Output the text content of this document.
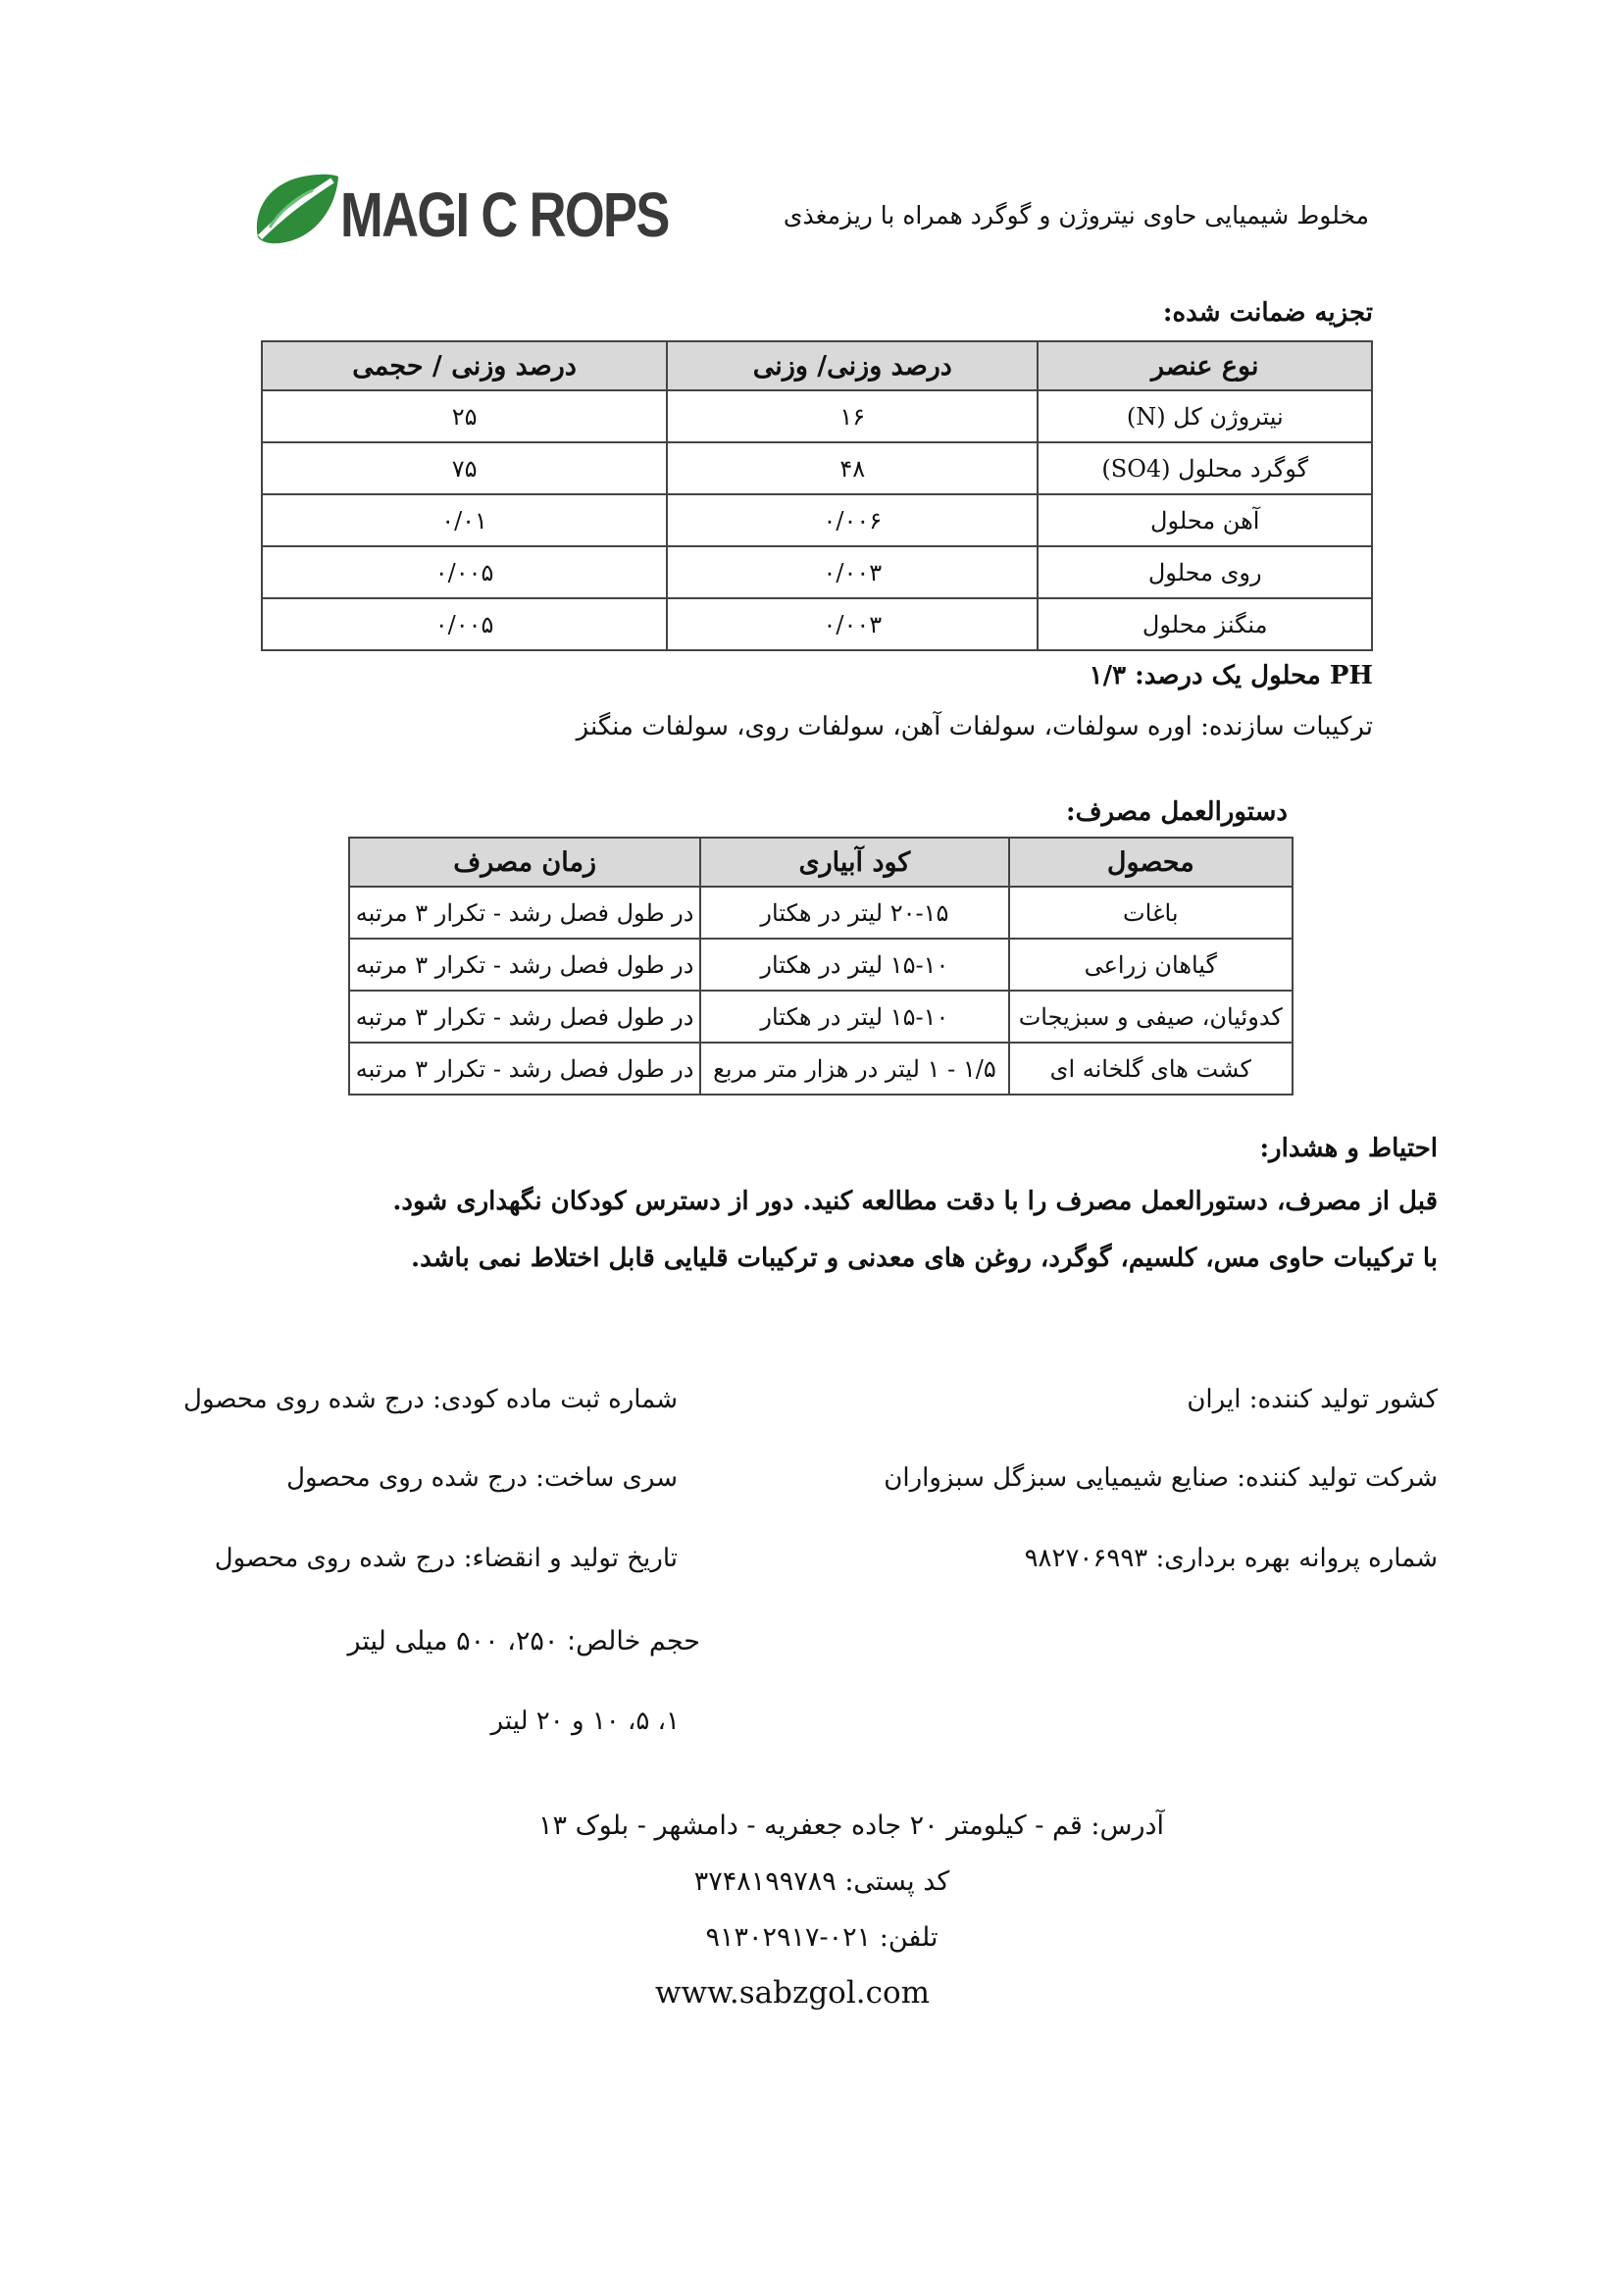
MAGI C ROPS	مخلوط شیمیایی حاوی نیتروژن و گوگرد همراه با ریزمغذی
تجزیه ضمانت شده:
نوع عنصر	درصد وزنی/ وزنی	درصد وزنی / حجمی
نیتروژن کل (N)	۱۶	۲۵
گوگرد محلول (SO4)	۴۸	۷۵
آهن محلول	۰/۰۰۶	۰/۰۱
روی محلول	۰/۰۰۳	۰/۰۰۵
منگنز محلول	۰/۰۰۳	۰/۰۰۵
PH محلول یک درصد: ۱/۳
ترکیبات سازنده: اوره سولفات، سولفات آهن، سولفات روی، سولفات منگنز
دستورالعمل مصرف:
محصول	کود آبیاری	زمان مصرف
باغات	۲۰-۱۵ لیتر در هکتار	در طول فصل رشد - تکرار ۳ مرتبه
گیاهان زراعی	۱۵-۱۰ لیتر در هکتار	در طول فصل رشد - تکرار ۳ مرتبه
کدوئیان، صیفی و سبزیجات	۱۵-۱۰ لیتر در هکتار	در طول فصل رشد - تکرار ۳ مرتبه
کشت های گلخانه ای	۱/۵ - ۱ لیتر در هزار متر مربع	در طول فصل رشد - تکرار ۳ مرتبه
احتیاط و هشدار:
قبل از مصرف، دستورالعمل مصرف را با دقت مطالعه کنید. دور از دسترس کودکان نگهداری شود.
با ترکیبات حاوی مس، کلسیم، گوگرد، روغن های معدنی و ترکیبات قلیایی قابل اختلاط نمی باشد.
کشور تولید کننده: ایران
شرکت تولید کننده: صنایع شیمیایی سبزگل سبزواران
شماره پروانه بهره برداری: ۹۸۲۷۰۶۹۹۳
شماره ثبت ماده کودی: درج شده روی محصول
سری ساخت: درج شده روی محصول
تاریخ تولید و انقضاء: درج شده روی محصول
حجم خالص: ۲۵۰، ۵۰۰ میلی لیتر
۱، ۵، ۱۰ و ۲۰ لیتر
آدرس: قم - کیلومتر ۲۰ جاده جعفریه - دامشهر - بلوک ۱۳
کد پستی: ۳۷۴۸۱۹۹۷۸۹
تلفن: ۰۲۱-۹۱۳۰۲۹۱۷
www.sabzgol.com
